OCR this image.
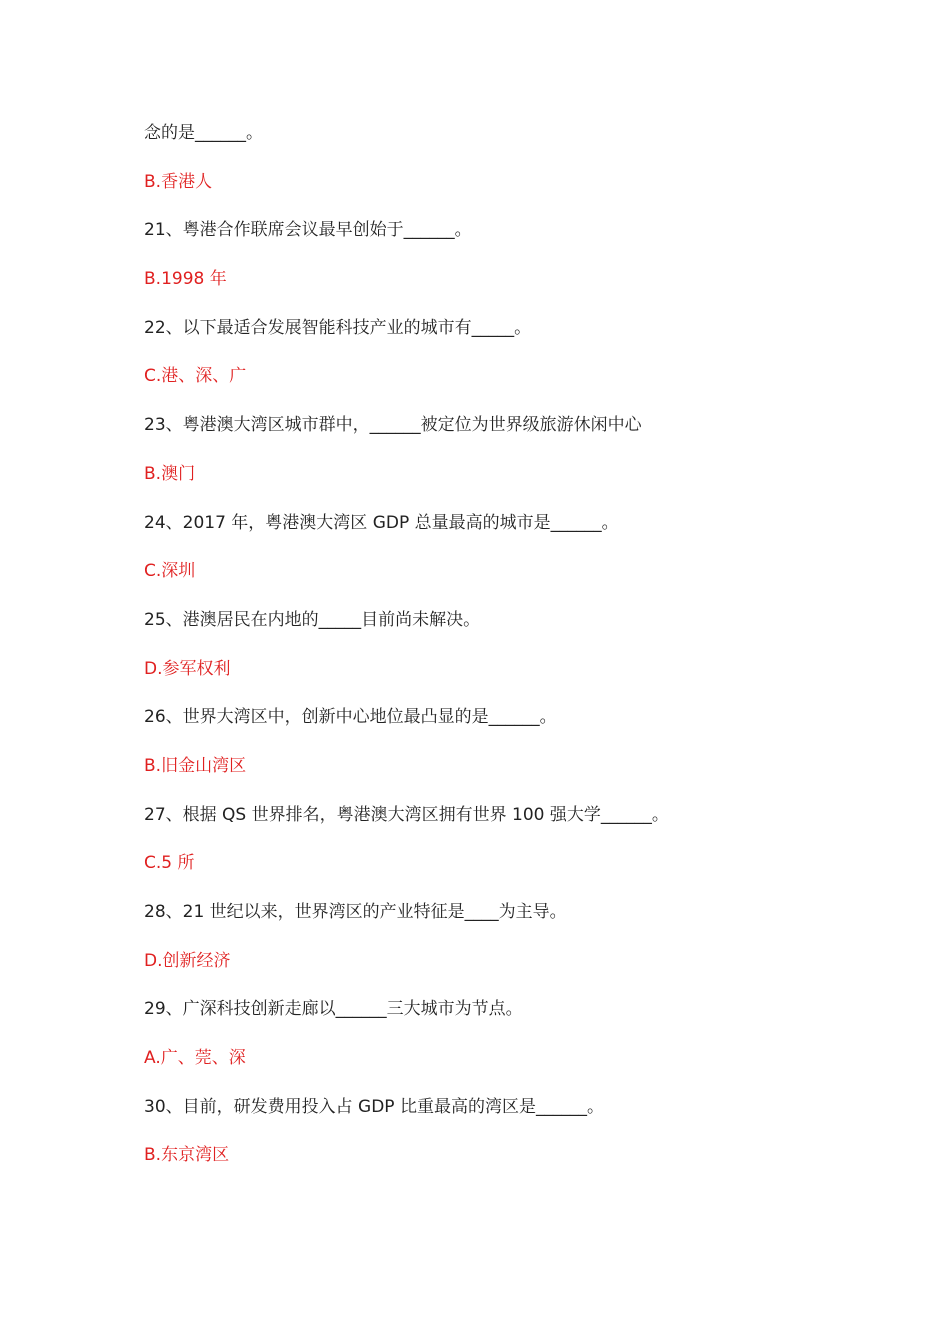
念的是______。
B.香港人
21、粤港合作联席会议最早创始于______。
B.1998 年
22、以下最适合发展智能科技产业的城市有_____。
C.港、深、广
23、粤港澳大湾区城市群中，______被定位为世界级旅游休闲中心
B.澳门
24、2017 年，粤港澳大湾区 GDP 总量最高的城市是______。
C.深圳
25、港澳居民在内地的_____目前尚未解决。
D.参军权利
26、世界大湾区中，创新中心地位最凸显的是______。
B.旧金山湾区
27、根据 QS 世界排名，粤港澳大湾区拥有世界 100 强大学______。
C.5 所
28、21 世纪以来，世界湾区的产业特征是____为主导。
D.创新经济
29、广深科技创新走廊以______三大城市为节点。
A.广、莞、深
30、目前，研发费用投入占 GDP 比重最高的湾区是______。
B.东京湾区
